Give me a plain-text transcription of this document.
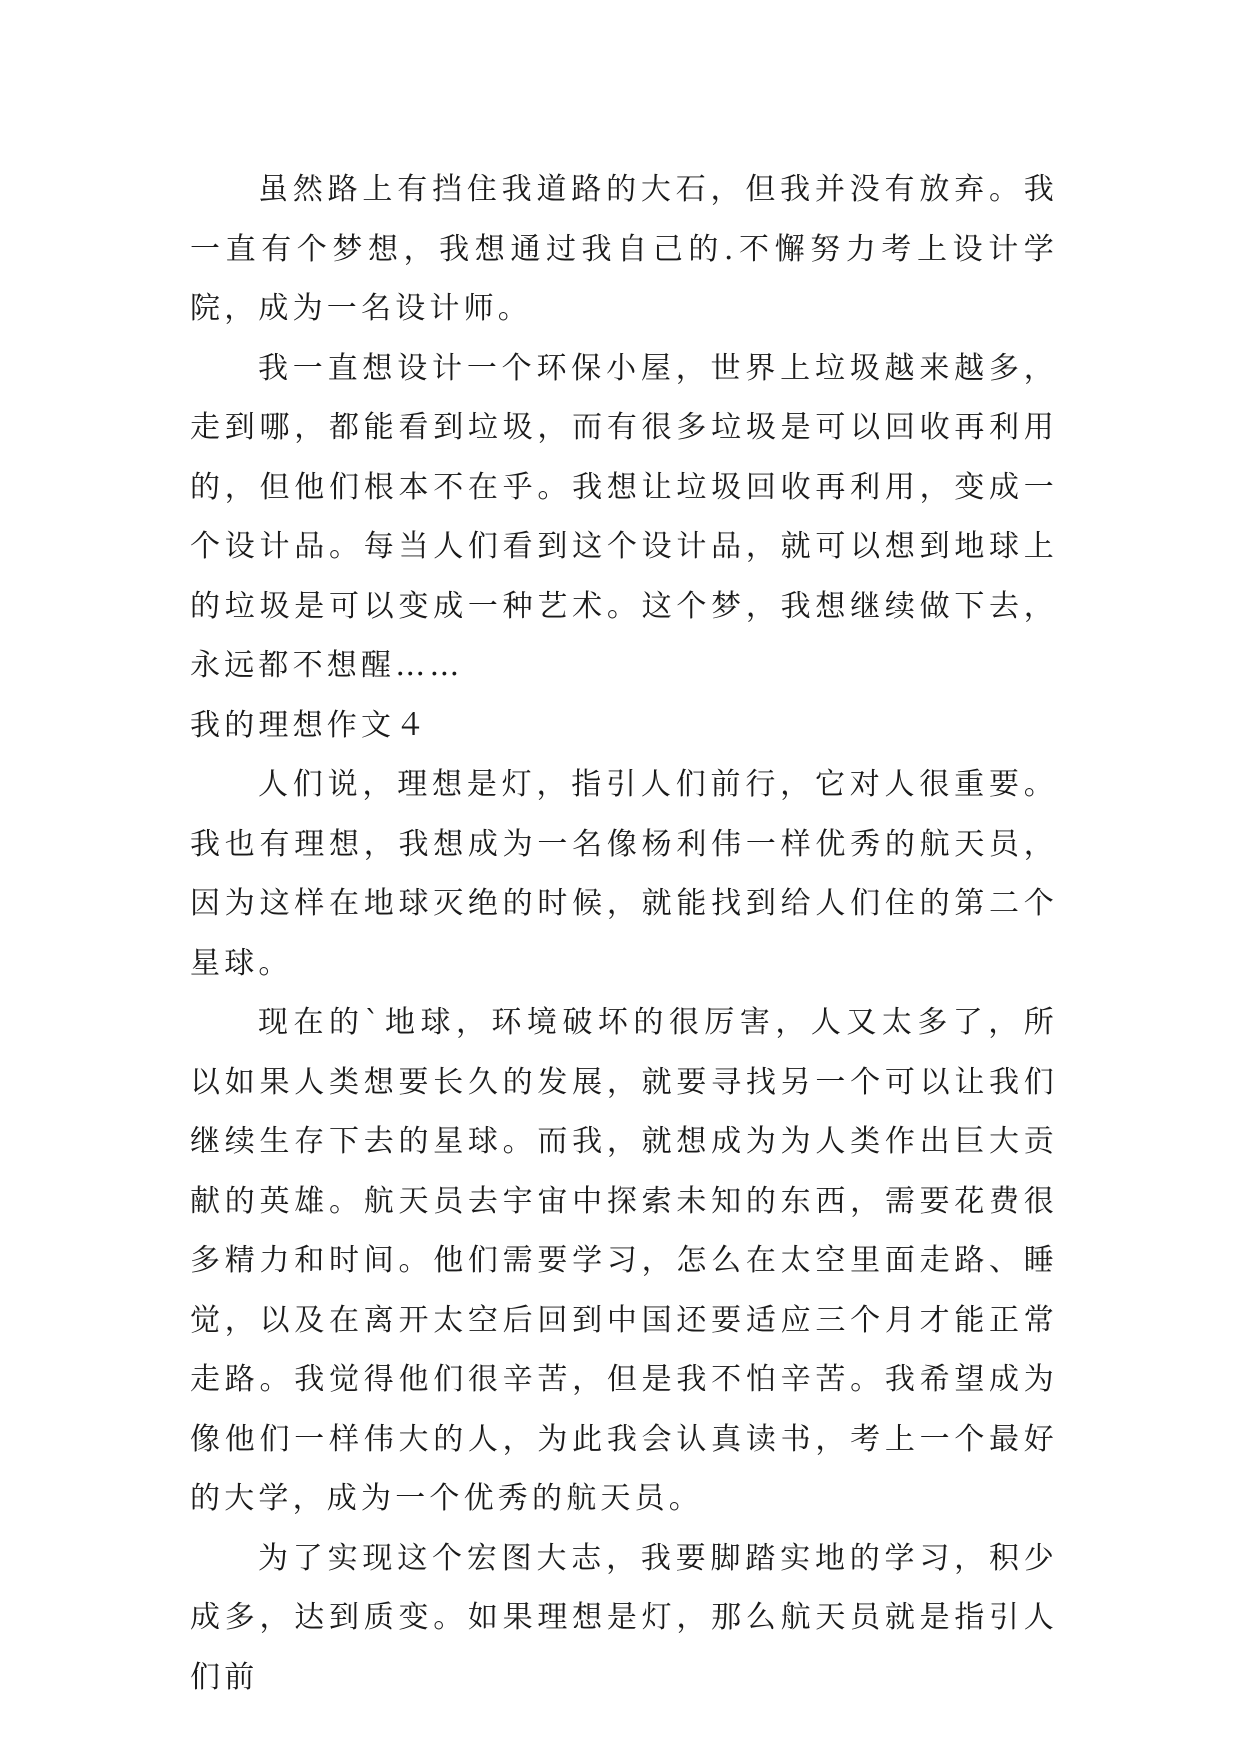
虽然路上有挡住我道路的大石，但我并没有放弃。我一直有个梦想，我想通过我自己的.不懈努力考上设计学院，成为一名设计师。

我一直想设计一个环保小屋，世界上垃圾越来越多，走到哪，都能看到垃圾，而有很多垃圾是可以回收再利用的，但他们根本不在乎。我想让垃圾回收再利用，变成一个设计品。每当人们看到这个设计品，就可以想到地球上的垃圾是可以变成一种艺术。这个梦，我想继续做下去，永远都不想醒……

我的理想作文４

人们说，理想是灯，指引人们前行，它对人很重要。我也有理想，我想成为一名像杨利伟一样优秀的航天员，因为这样在地球灭绝的时候，就能找到给人们住的第二个星球。

现在的`地球，环境破坏的很厉害，人又太多了，所以如果人类想要长久的发展，就要寻找另一个可以让我们继续生存下去的星球。而我，就想成为为人类作出巨大贡献的英雄。航天员去宇宙中探索未知的东西，需要花费很多精力和时间。他们需要学习，怎么在太空里面走路、睡觉，以及在离开太空后回到中国还要适应三个月才能正常走路。我觉得他们很辛苦，但是我不怕辛苦。我希望成为像他们一样伟大的人，为此我会认真读书，考上一个最好的大学，成为一个优秀的航天员。

为了实现这个宏图大志，我要脚踏实地的学习，积少成多，达到质变。如果理想是灯，那么航天员就是指引人们前
